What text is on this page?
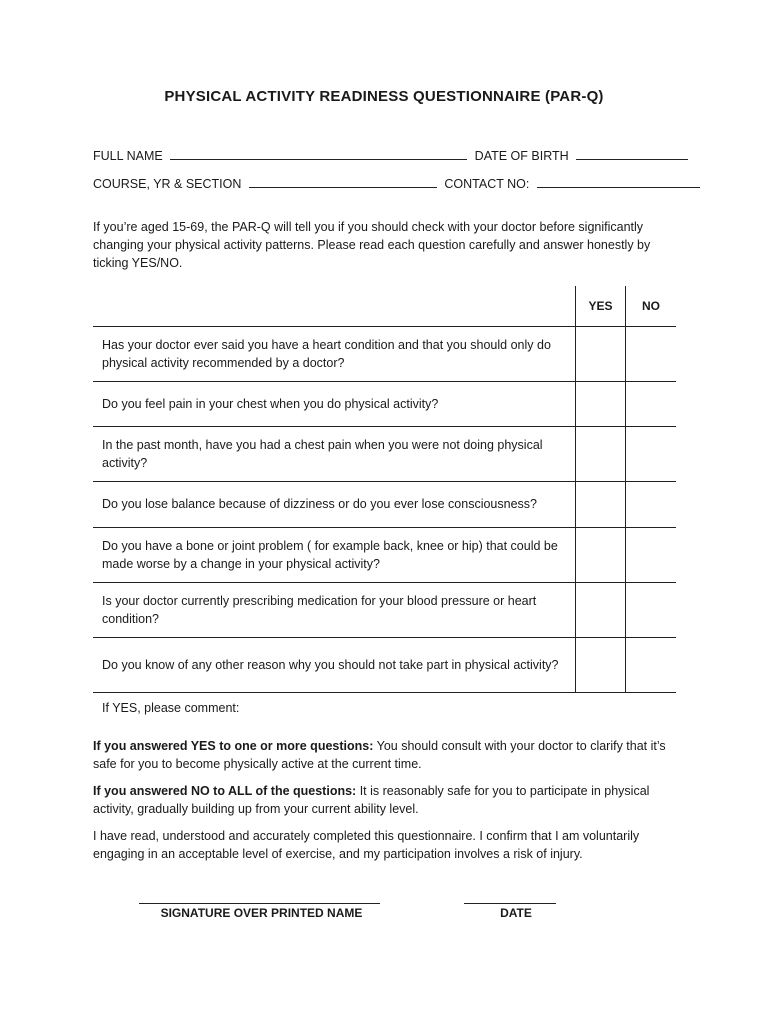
PHYSICAL ACTIVITY READINESS QUESTIONNAIRE (PAR-Q)
FULL NAME	DATE OF BIRTH
COURSE, YR & SECTION	CONTACT NO:
If you’re aged 15-69, the PAR-Q will tell you if you should check with your doctor before significantly changing your physical activity patterns. Please read each question carefully and answer honestly by ticking YES/NO.
	YES	NO
Has your doctor ever said you have a heart condition and that you should only do physical activity recommended by a doctor?		
Do you feel pain in your chest when you do physical activity?		
In the past month, have you had a chest pain when you were not doing physical activity?		
Do you lose balance because of dizziness or do you ever lose consciousness?		
Do you have a bone or joint problem ( for example back, knee or hip) that could be made worse by a change in your physical activity?		
Is your doctor currently prescribing medication for your blood pressure or heart condition?		
Do you know of any other reason why you should not take part in physical activity?		
If YES, please comment:
If you answered YES to one or more questions: You should consult with your doctor to clarify that it’s safe for you to become physically active at the current time.
If you answered NO to ALL of the questions: It is reasonably safe for you to participate in physical activity, gradually building up from your current ability level.
I have read, understood and accurately completed this questionnaire. I confirm that I am voluntarily engaging in an acceptable level of exercise, and my participation involves a risk of injury.
SIGNATURE OVER PRINTED NAME	DATE
